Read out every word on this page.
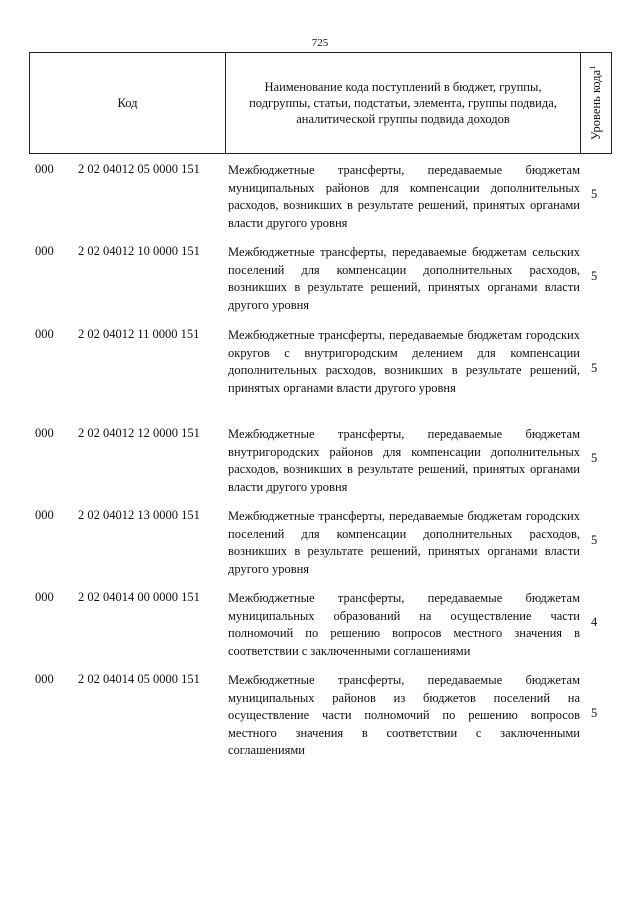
725
Код
Наименование кода поступлений в бюджет, группы, подгруппы, статьи, подстатьи, элемента, группы подвида, аналитической группы подвида доходов	Уровень кода$^1$
000 2 02 04012 05 0000 151 Межбюджетные трансферты, передаваемые бюджетам муниципальных районов для компенсации дополнительных расходов, возникших в результате решений, принятых органами власти другого уровня
5
000 2 02 04012 10 0000 151 Межбюджетные трансферты, передаваемые бюджетам сельских поселений для компенсации дополнительных расходов, возникших в результате решений, принятых органами власти другого уровня
5
000 2 02 04012 11 0000 151 Межбюджетные трансферты, передаваемые бюджетам городских округов с внутригородским делением для компенсации дополнительных расходов, возникших в результате решений, принятых органами власти другого уровня
5
000 2 02 04012 12 0000 151 Межбюджетные трансферты, передаваемые бюджетам внутригородских районов для компенсации дополнительных расходов, возникших в результате решений, принятых органами власти другого уровня
5
000 2 02 04012 13 0000 151 Межбюджетные трансферты, передаваемые бюджетам городских поселений для компенсации дополнительных расходов, возникших в результате решений, принятых органами власти другого уровня
5
000 2 02 04014 00 0000 151 Межбюджетные трансферты, передаваемые бюджетам муниципальных образований на осуществление части полномочий по решению вопросов местного значения в соответствии с заключенными соглашениями
4
000 2 02 04014 05 0000 151 Межбюджетные трансферты, передаваемые бюджетам муниципальных районов из бюджетов поселений на осуществление части полномочий по решению вопросов местного значения в соответствии с заключенными соглашениями
5
